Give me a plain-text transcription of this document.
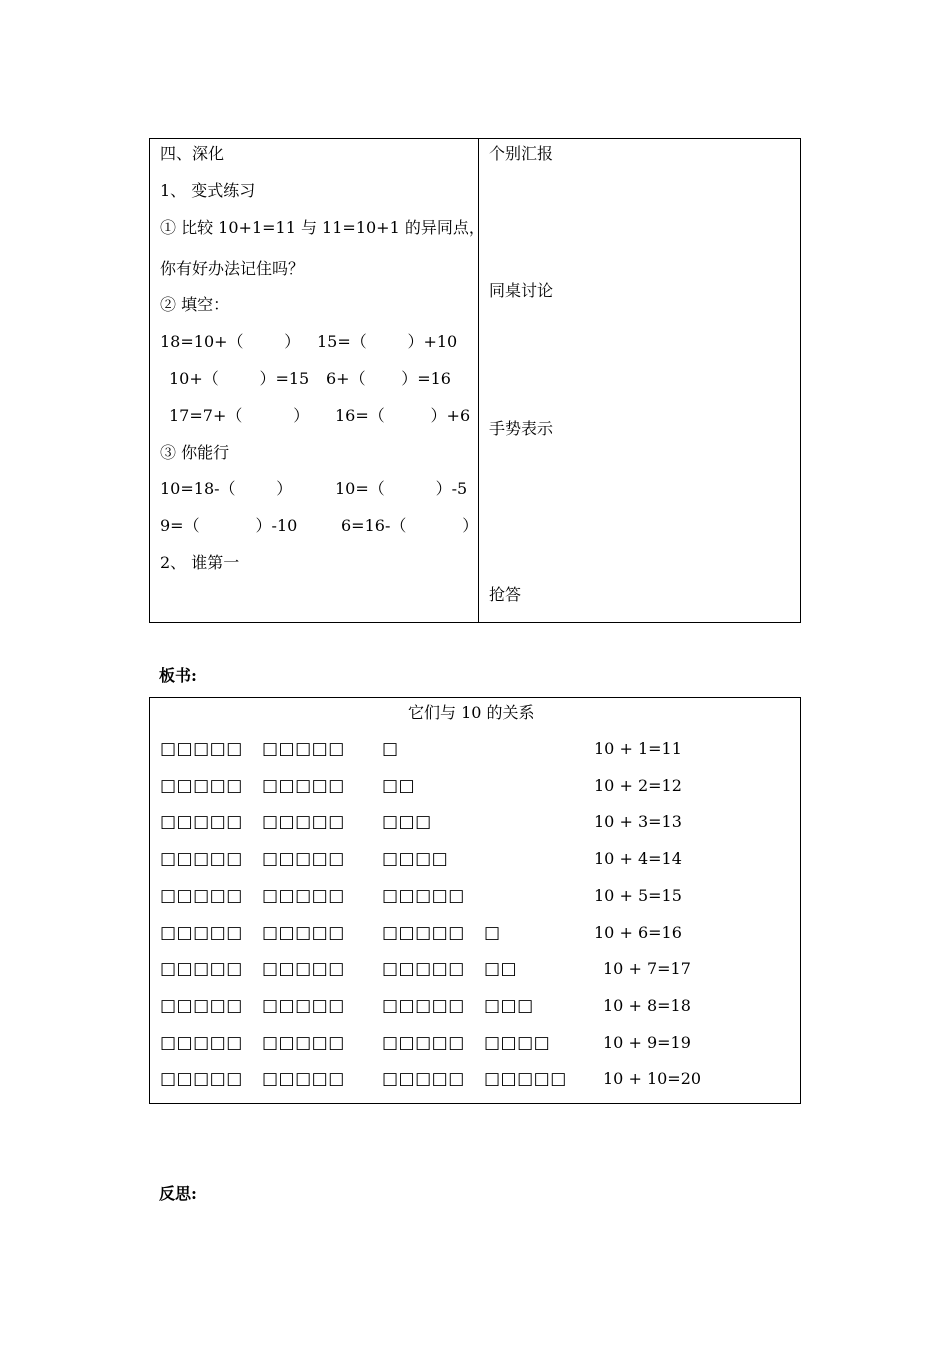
四、深化
1、 变式练习
① 比较 10+1=11 与 11=10+1 的异同点，
你有好办法记住吗？
② 填空：
18=10+（        ） 15=（        ）+10
10+（        ）=15 6+（       ）=16
17=7+（          ） 16=（         ）+6
③ 你能行
10=18-（        ）	10=（          ）-5
9=（           ）-10	6=16-（           ）
2、 谁第一
个别汇报
同桌讨论
手势表示
抢答
板书:
它们与 10 的关系
□□□□□ □□□□□ □	10 + 1=11
□□□□□ □□□□□ □□	10 + 2=12
□□□□□ □□□□□ □□□	10 + 3=13
□□□□□ □□□□□ □□□□	10 + 4=14
□□□□□ □□□□□ □□□□□	10 + 5=15
□□□□□ □□□□□ □□□□□ □	10 + 6=16
□□□□□ □□□□□ □□□□□ □□	10 + 7=17
□□□□□ □□□□□ □□□□□ □□□	10 + 8=18
□□□□□ □□□□□ □□□□□ □□□□	10 + 9=19
□□□□□ □□□□□ □□□□□ □□□□□ 10 + 10=20
反思:
